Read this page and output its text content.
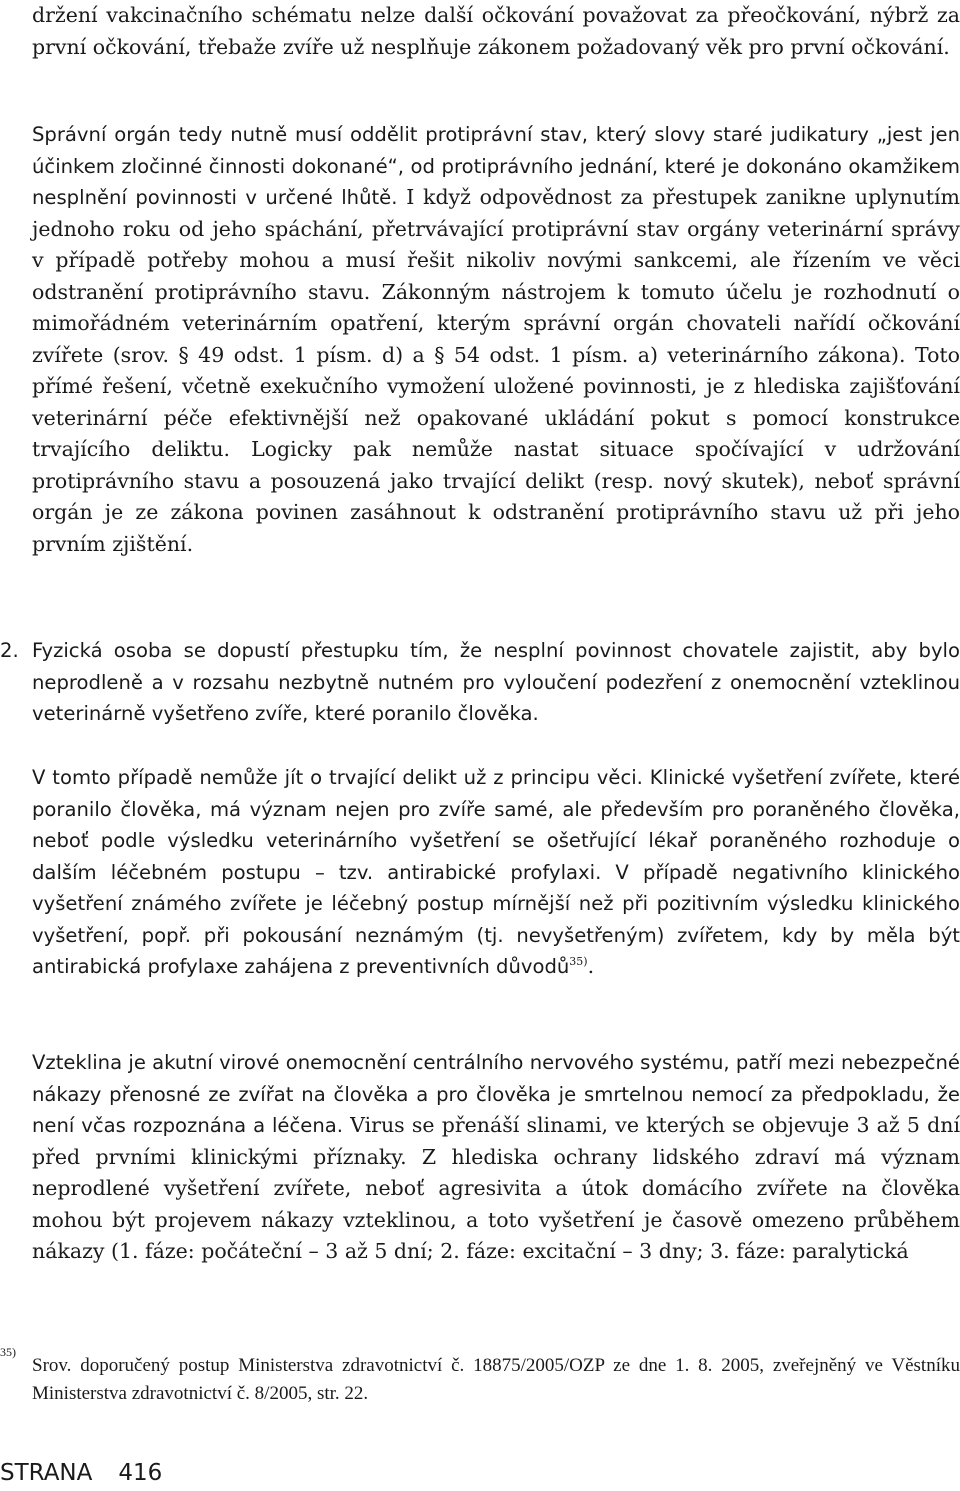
držení vakcinačního schématu nelze další očkování považovat za přeočkování, nýbrž za první očkování, třebaže zvíře už nesplňuje zákonem požadovaný věk pro první očkování.

Správní orgán tedy nutně musí oddělit protiprávní stav, který slovy staré judikatury „jest jen účinkem zločinné činnosti dokonané“, od protiprávního jednání, které je dokonáno okamžikem nesplnění povinnosti v určené lhůtě. I když odpovědnost za přestupek zanikne uplynutím jednoho roku od jeho spáchání, přetrvávající protiprávní stav orgány veterinární správy v případě potřeby mohou a musí řešit nikoliv novými sankcemi, ale řízením ve věci odstranění protiprávního stavu. Zákonným nástrojem k tomuto účelu je rozhodnutí o mimořádném veterinárním opatření, kterým správní orgán chovateli nařídí očkování zvířete (srov. § 49 odst. 1 písm. d) a § 54 odst. 1 písm. a) veterinárního zákona). Toto přímé řešení, včetně exekučního vymožení uložené povinnosti, je z hlediska zajišťování veterinární péče efektivnější než opakované ukládání pokut s pomocí konstrukce trvajícího deliktu. Logicky pak nemůže nastat situace spočívající v udržování protiprávního stavu a posouzená jako trvající delikt (resp. nový skutek), neboť správní orgán je ze zákona povinen zasáhnout k odstranění protiprávního stavu už při jeho prvním zjištění.

2. Fyzická osoba se dopustí přestupku tím, že nesplní povinnost chovatele zajistit, aby bylo neprodleně a v rozsahu nezbytně nutném pro vyloučení podezření z onemocnění vzteklinou veterinárně vyšetřeno zvíře, které poranilo člověka.

V tomto případě nemůže jít o trvající delikt už z principu věci. Klinické vyšetření zvířete, které poranilo člověka, má význam nejen pro zvíře samé, ale především pro poraněného člověka, neboť podle výsledku veterinárního vyšetření se ošetřující lékař poraněného rozhoduje o dalším léčebném postupu – tzv. antirabické profylaxi. V případě negativního klinického vyšetření známého zvířete je léčebný postup mírnější než při pozitivním výsledku klinického vyšetření, popř. při pokousání neznámým (tj. nevyšetřeným) zvířetem, kdy by měla být antirabická profylaxe zahájena z preventivních důvodů$^{35)}$.

Vzteklina je akutní virové onemocnění centrálního nervového systému, patří mezi nebezpečné nákazy přenosné ze zvířat na člověka a pro člověka je smrtelnou nemocí za předpokladu, že není včas rozpoznána a léčena. Virus se přenáší slinami, ve kterých se objevuje 3 až 5 dní před prvními klinickými příznaky. Z hlediska ochrany lidského zdraví má význam neprodlené vyšetření zvířete, neboť agresivita a útok domácího zvířete na člověka mohou být projevem nákazy vzteklinou, a toto vyšetření je časově omezeno průběhem nákazy (1. fáze: počáteční – 3 až 5 dní; 2. fáze: excitační – 3 dny; 3. fáze: paralytická

35)

Srov. doporučený postup Ministerstva zdravotnictví č. 18875/2005/OZP ze dne 1. 8. 2005, zveřejněný ve Věstníku Ministerstva zdravotnictví č. 8/2005, str. 22.

STRANA 416
